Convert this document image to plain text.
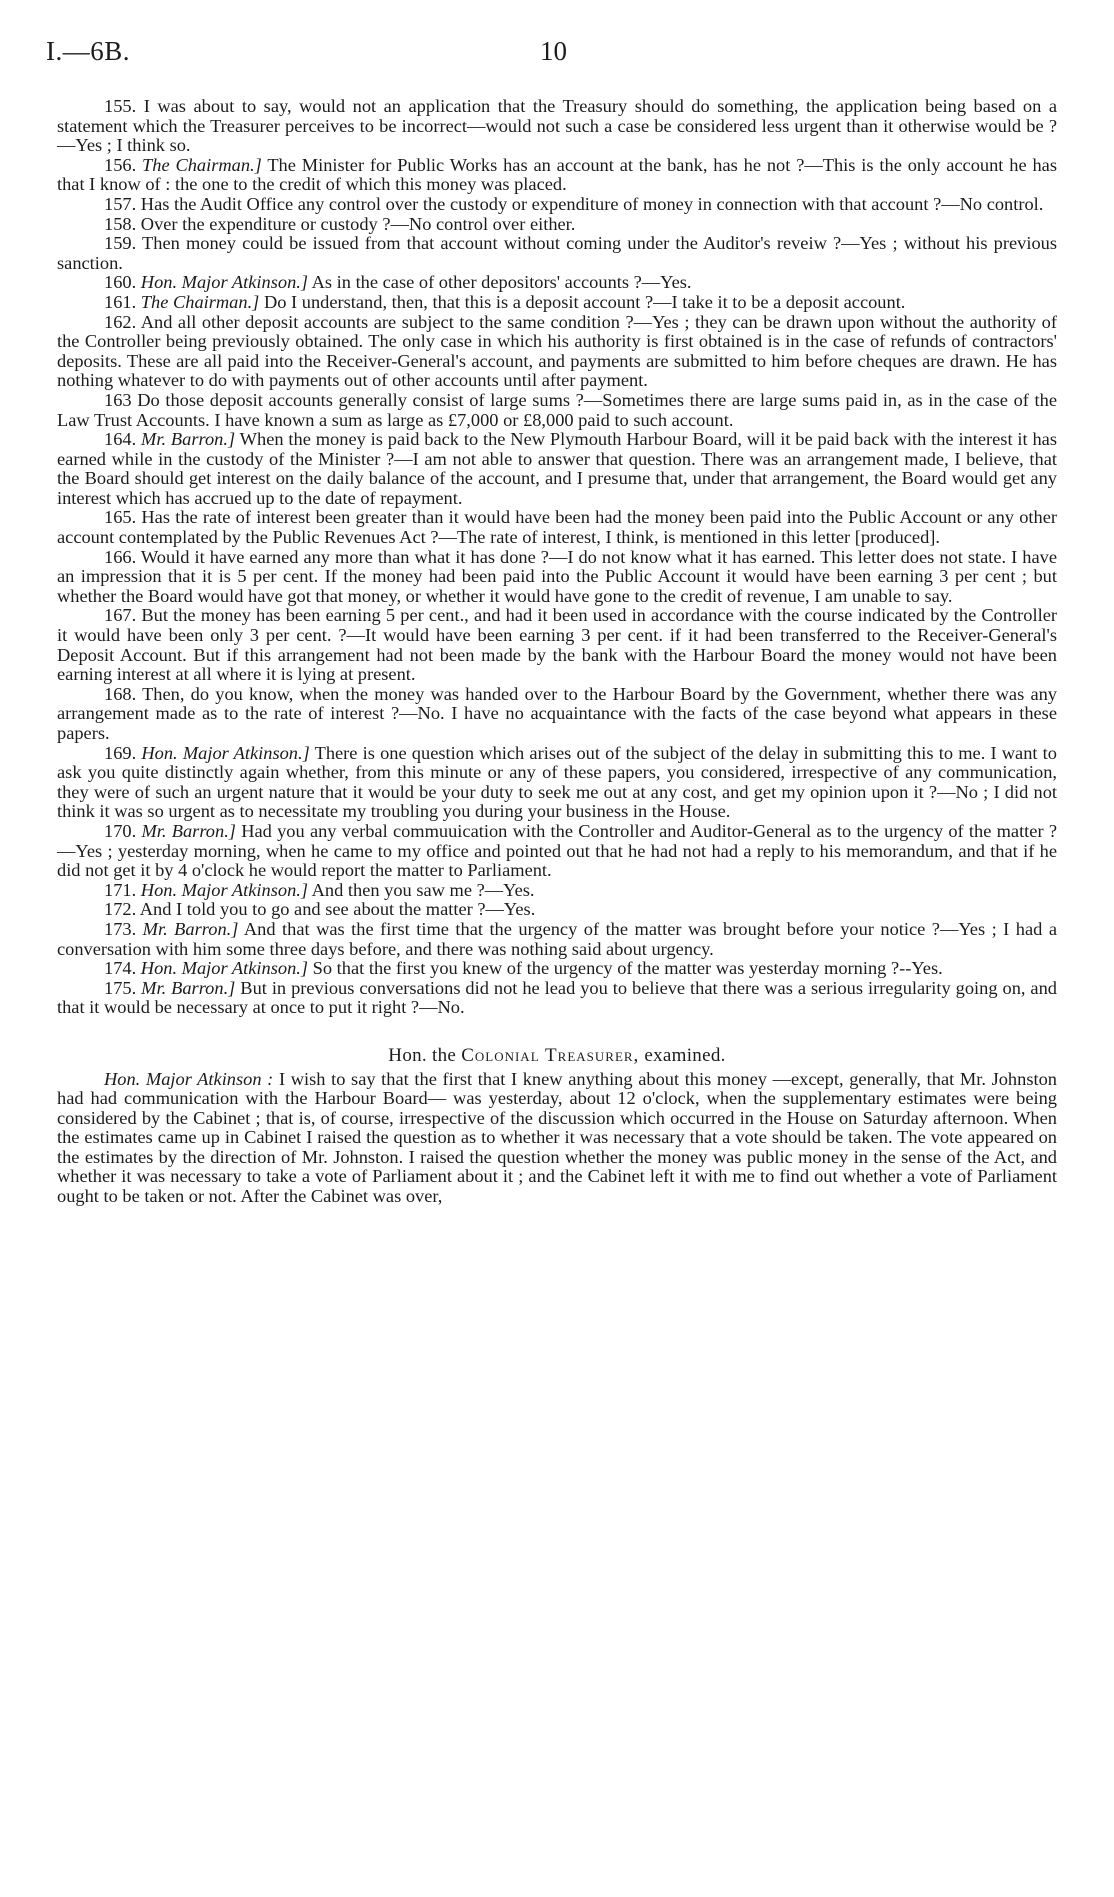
I.—6B.	10

155. I was about to say, would not an application that the Treasury should do something, the application being based on a statement which the Treasurer perceives to be incorrect—would not such a case be considered less urgent than it otherwise would be ?—Yes ; I think so.

156. The Chairman.] The Minister for Public Works has an account at the bank, has he not ?—This is the only account he has that I know of : the one to the credit of which this money was placed.

157. Has the Audit Office any control over the custody or expenditure of money in connection with that account ?—No control.

158. Over the expenditure or custody ?—No control over either.

159. Then money could be issued from that account without coming under the Auditor's reveiw ?—Yes ; without his previous sanction.

160. Hon. Major Atkinson.] As in the case of other depositors' accounts ?—Yes.

161. The Chairman.] Do I understand, then, that this is a deposit account ?—I take it to be a deposit account.

162. And all other deposit accounts are subject to the same condition ?—Yes ; they can be drawn upon without the authority of the Controller being previously obtained. The only case in which his authority is first obtained is in the case of refunds of contractors' deposits. These are all paid into the Receiver-General's account, and payments are submitted to him before cheques are drawn. He has nothing whatever to do with payments out of other accounts until after payment.

163 Do those deposit accounts generally consist of large sums ?—Sometimes there are large sums paid in, as in the case of the Law Trust Accounts. I have known a sum as large as £7,000 or £8,000 paid to such account.

164. Mr. Barron.] When the money is paid back to the New Plymouth Harbour Board, will it be paid back with the interest it has earned while in the custody of the Minister ?—I am not able to answer that question. There was an arrangement made, I believe, that the Board should get interest on the daily balance of the account, and I presume that, under that arrangement, the Board would get any interest which has accrued up to the date of repayment.

165. Has the rate of interest been greater than it would have been had the money been paid into the Public Account or any other account contemplated by the Public Revenues Act ?—The rate of interest, I think, is mentioned in this letter [produced].

166. Would it have earned any more than what it has done ?—I do not know what it has earned. This letter does not state. I have an impression that it is 5 per cent. If the money had been paid into the Public Account it would have been earning 3 per cent ; but whether the Board would have got that money, or whether it would have gone to the credit of revenue, I am unable to say.

167. But the money has been earning 5 per cent., and had it been used in accordance with the course indicated by the Controller it would have been only 3 per cent. ?—It would have been earning 3 per cent. if it had been transferred to the Receiver-General's Deposit Account. But if this arrangement had not been made by the bank with the Harbour Board the money would not have been earning interest at all where it is lying at present.

168. Then, do you know, when the money was handed over to the Harbour Board by the Government, whether there was any arrangement made as to the rate of interest ?—No. I have no acquaintance with the facts of the case beyond what appears in these papers.

169. Hon. Major Atkinson.] There is one question which arises out of the subject of the delay in submitting this to me. I want to ask you quite distinctly again whether, from this minute or any of these papers, you considered, irrespective of any communication, they were of such an urgent nature that it would be your duty to seek me out at any cost, and get my opinion upon it ?—No ; I did not think it was so urgent as to necessitate my troubling you during your business in the House.

170. Mr. Barron.] Had you any verbal commuuication with the Controller and Auditor-General as to the urgency of the matter ?—Yes ; yesterday morning, when he came to my office and pointed out that he had not had a reply to his memorandum, and that if he did not get it by 4 o'clock he would report the matter to Parliament.

171. Hon. Major Atkinson.] And then you saw me ?—Yes.

172. And I told you to go and see about the matter ?—Yes.

173. Mr. Barron.] And that was the first time that the urgency of the matter was brought before your notice ?—Yes ; I had a conversation with him some three days before, and there was nothing said about urgency.

174. Hon. Major Atkinson.] So that the first you knew of the urgency of the matter was yesterday morning ?--Yes.

175. Mr. Barron.] But in previous conversations did not he lead you to believe that there was a serious irregularity going on, and that it would be necessary at once to put it right ?—No.

Hon. the Colonial Treasurer, examined.

Hon. Major Atkinson : I wish to say that the first that I knew anything about this money —except, generally, that Mr. Johnston had had communication with the Harbour Board— was yesterday, about 12 o'clock, when the supplementary estimates were being considered by the Cabinet ; that is, of course, irrespective of the discussion which occurred in the House on Saturday afternoon. When the estimates came up in Cabinet I raised the question as to whether it was necessary that a vote should be taken. The vote appeared on the estimates by the direction of Mr. Johnston. I raised the question whether the money was public money in the sense of the Act, and whether it was necessary to take a vote of Parliament about it ; and the Cabinet left it with me to find out whether a vote of Parliament ought to be taken or not. After the Cabinet was over,
